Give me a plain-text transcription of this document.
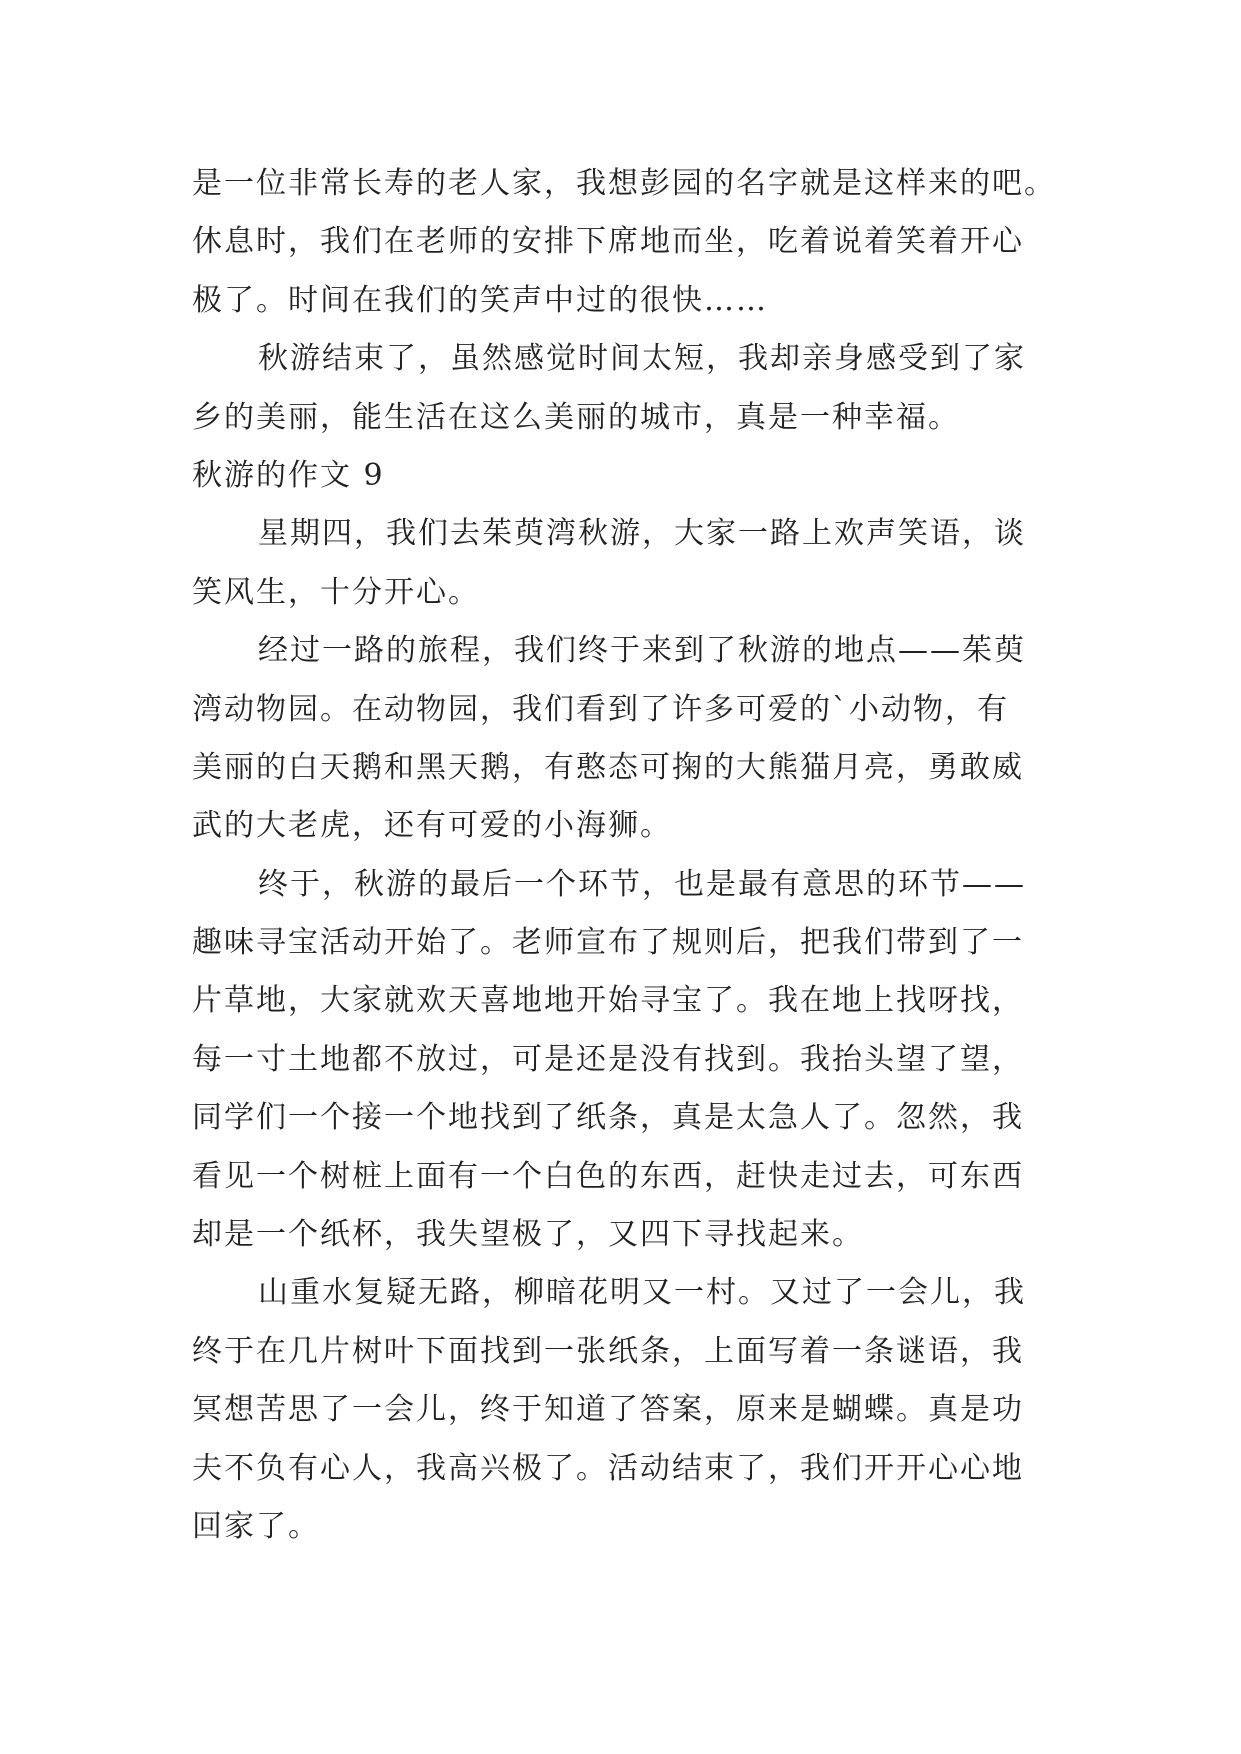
是一位非常长寿的老人家，我想彭园的名字就是这样来的吧。
休息时，我们在老师的安排下席地而坐，吃着说着笑着开心
极了。时间在我们的笑声中过的很快……
秋游结束了，虽然感觉时间太短，我却亲身感受到了家
乡的美丽，能生活在这么美丽的城市，真是一种幸福。
秋游的作文 9
星期四，我们去茱萸湾秋游，大家一路上欢声笑语，谈
笑风生，十分开心。
经过一路的旅程，我们终于来到了秋游的地点——茱萸
湾动物园。在动物园，我们看到了许多可爱的`小动物，有
美丽的白天鹅和黑天鹅，有憨态可掬的大熊猫月亮，勇敢威
武的大老虎，还有可爱的小海狮。
终于，秋游的最后一个环节，也是最有意思的环节——
趣味寻宝活动开始了。老师宣布了规则后，把我们带到了一
片草地，大家就欢天喜地地开始寻宝了。我在地上找呀找，
每一寸土地都不放过，可是还是没有找到。我抬头望了望，
同学们一个接一个地找到了纸条，真是太急人了。忽然，我
看见一个树桩上面有一个白色的东西，赶快走过去，可东西
却是一个纸杯，我失望极了，又四下寻找起来。
山重水复疑无路，柳暗花明又一村。又过了一会儿，我
终于在几片树叶下面找到一张纸条，上面写着一条谜语，我
冥想苦思了一会儿，终于知道了答案，原来是蝴蝶。真是功
夫不负有心人，我高兴极了。活动结束了，我们开开心心地
回家了。
